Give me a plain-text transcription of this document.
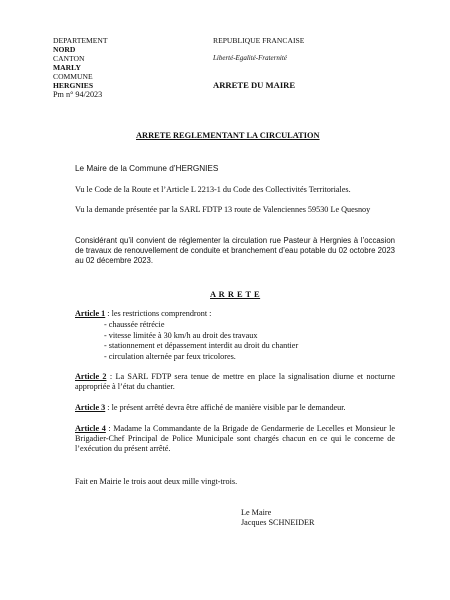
DEPARTEMENT
NORD
CANTON
MARLY
COMMUNE
HERGNIES
Pm n° 94/2023
REPUBLIQUE FRANCAISE
Liberté-Egalité-Fraternité
ARRETE DU MAIRE
ARRETE REGLEMENTANT LA CIRCULATION
Le Maire de la Commune d’HERGNIES
Vu le Code de la Route et l’Article L 2213-1 du Code des Collectivités Territoriales.
Vu la demande présentée par la SARL FDTP 13 route de Valenciennes 59530 Le Quesnoy
Considérant qu’il convient de réglementer la circulation rue Pasteur à Hergnies à l’occasion de travaux de renouvellement de conduite et branchement d’eau potable du 02 octobre 2023 au 02 décembre 2023.
A R R E T E
Article 1 : les restrictions comprendront :
- chaussée rétrécie
- vitesse limitée à 30 km/h au droit des travaux
- stationnement et dépassement interdit au droit du chantier
- circulation alternée par feux tricolores.
Article 2 : La SARL FDTP sera tenue de mettre en place la signalisation diurne et nocturne appropriée à l’état du chantier.
Article 3 : le présent arrêté devra être affiché de manière visible par le demandeur.
Article 4 : Madame la Commandante de la Brigade de Gendarmerie de Lecelles et Monsieur le Brigadier-Chef Principal de Police Municipale sont chargés chacun en ce qui le concerne de l’exécution du présent arrêté.
Fait en Mairie le trois aout deux mille vingt-trois.
Le Maire
Jacques SCHNEIDER
